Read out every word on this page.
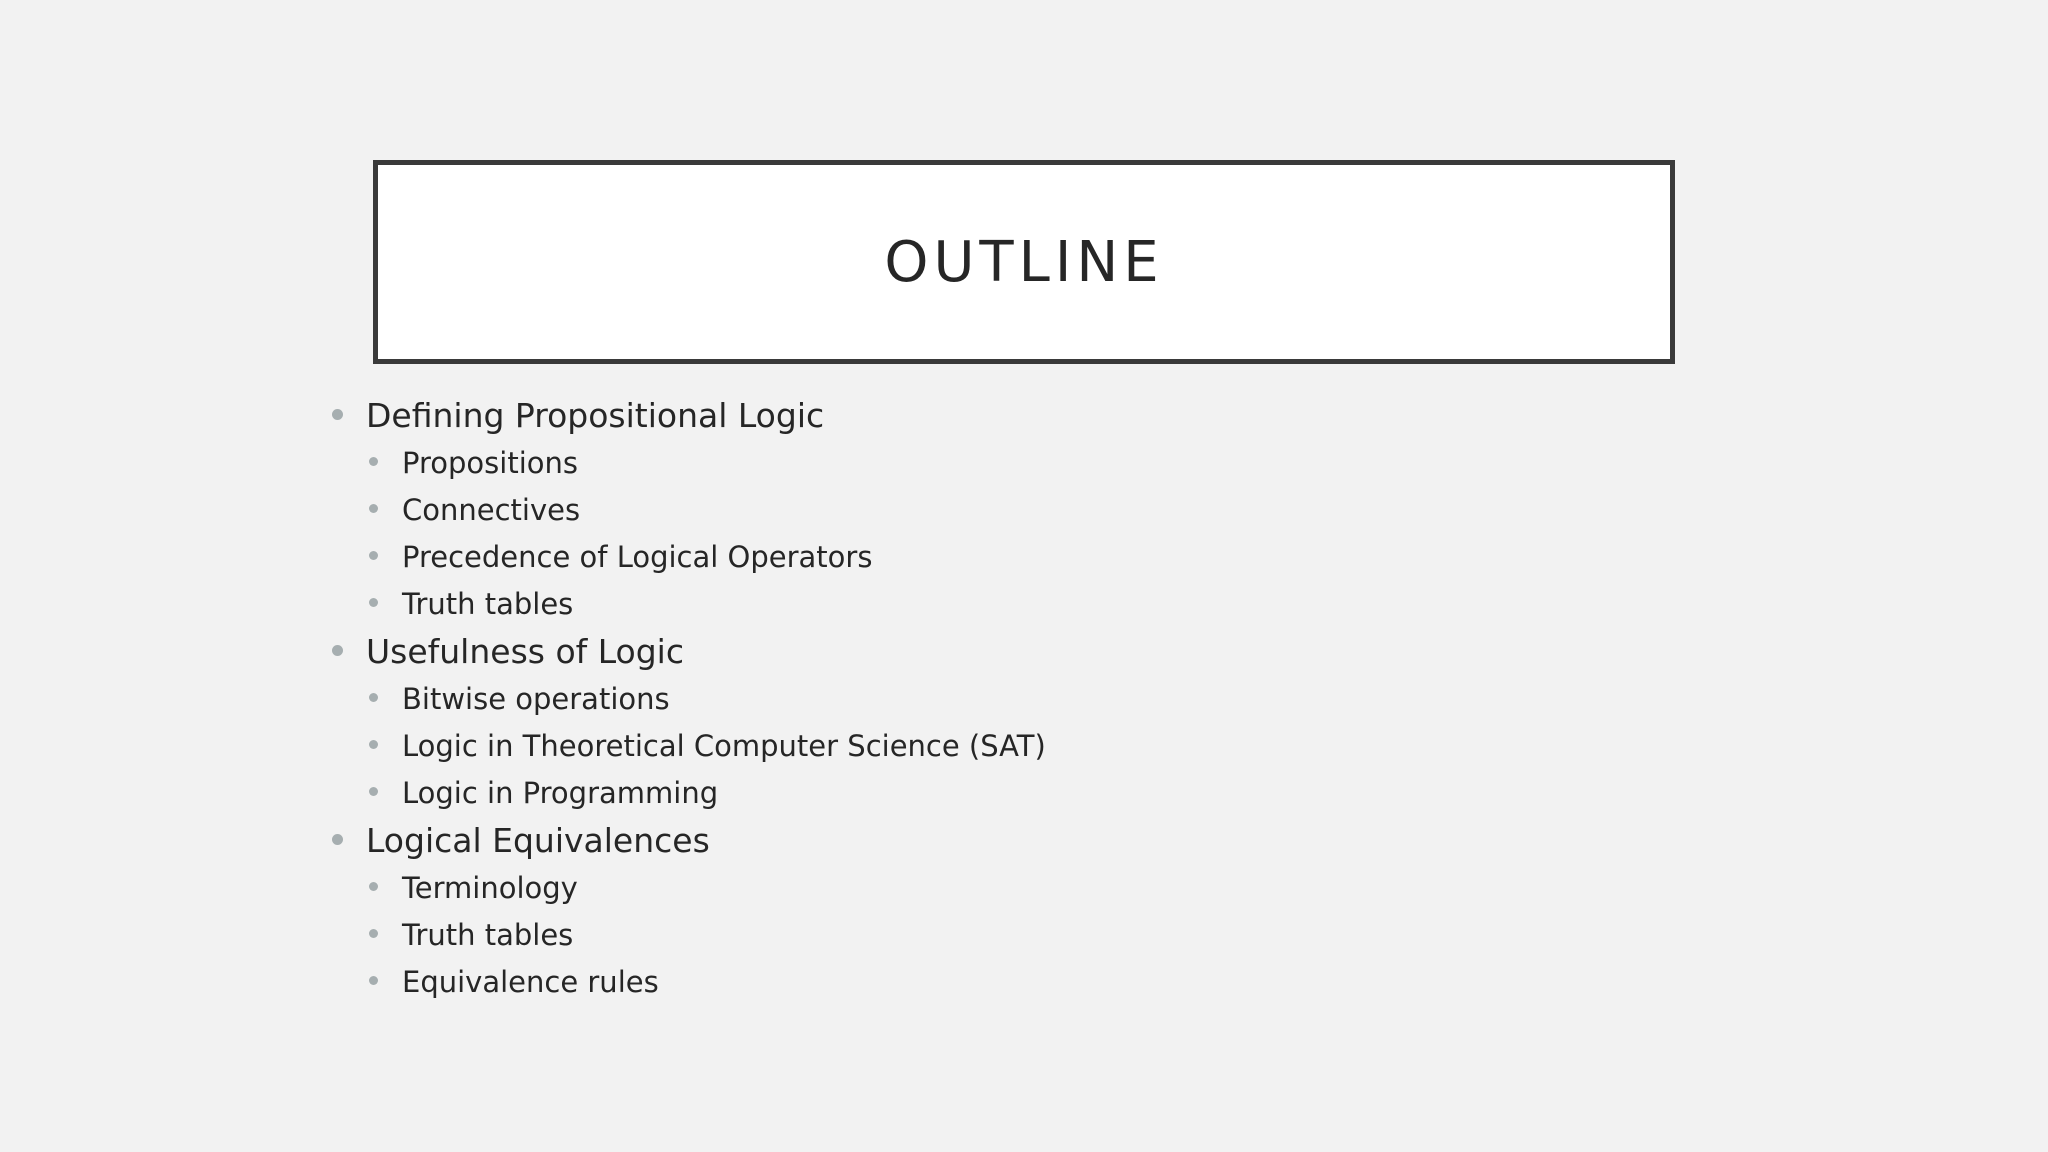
OUTLINE
Defining Propositional Logic
Propositions
Connectives
Precedence of Logical Operators
Truth tables
Usefulness of Logic
Bitwise operations
Logic in Theoretical Computer Science (SAT)
Logic in Programming
Logical Equivalences
Terminology
Truth tables
Equivalence rules
